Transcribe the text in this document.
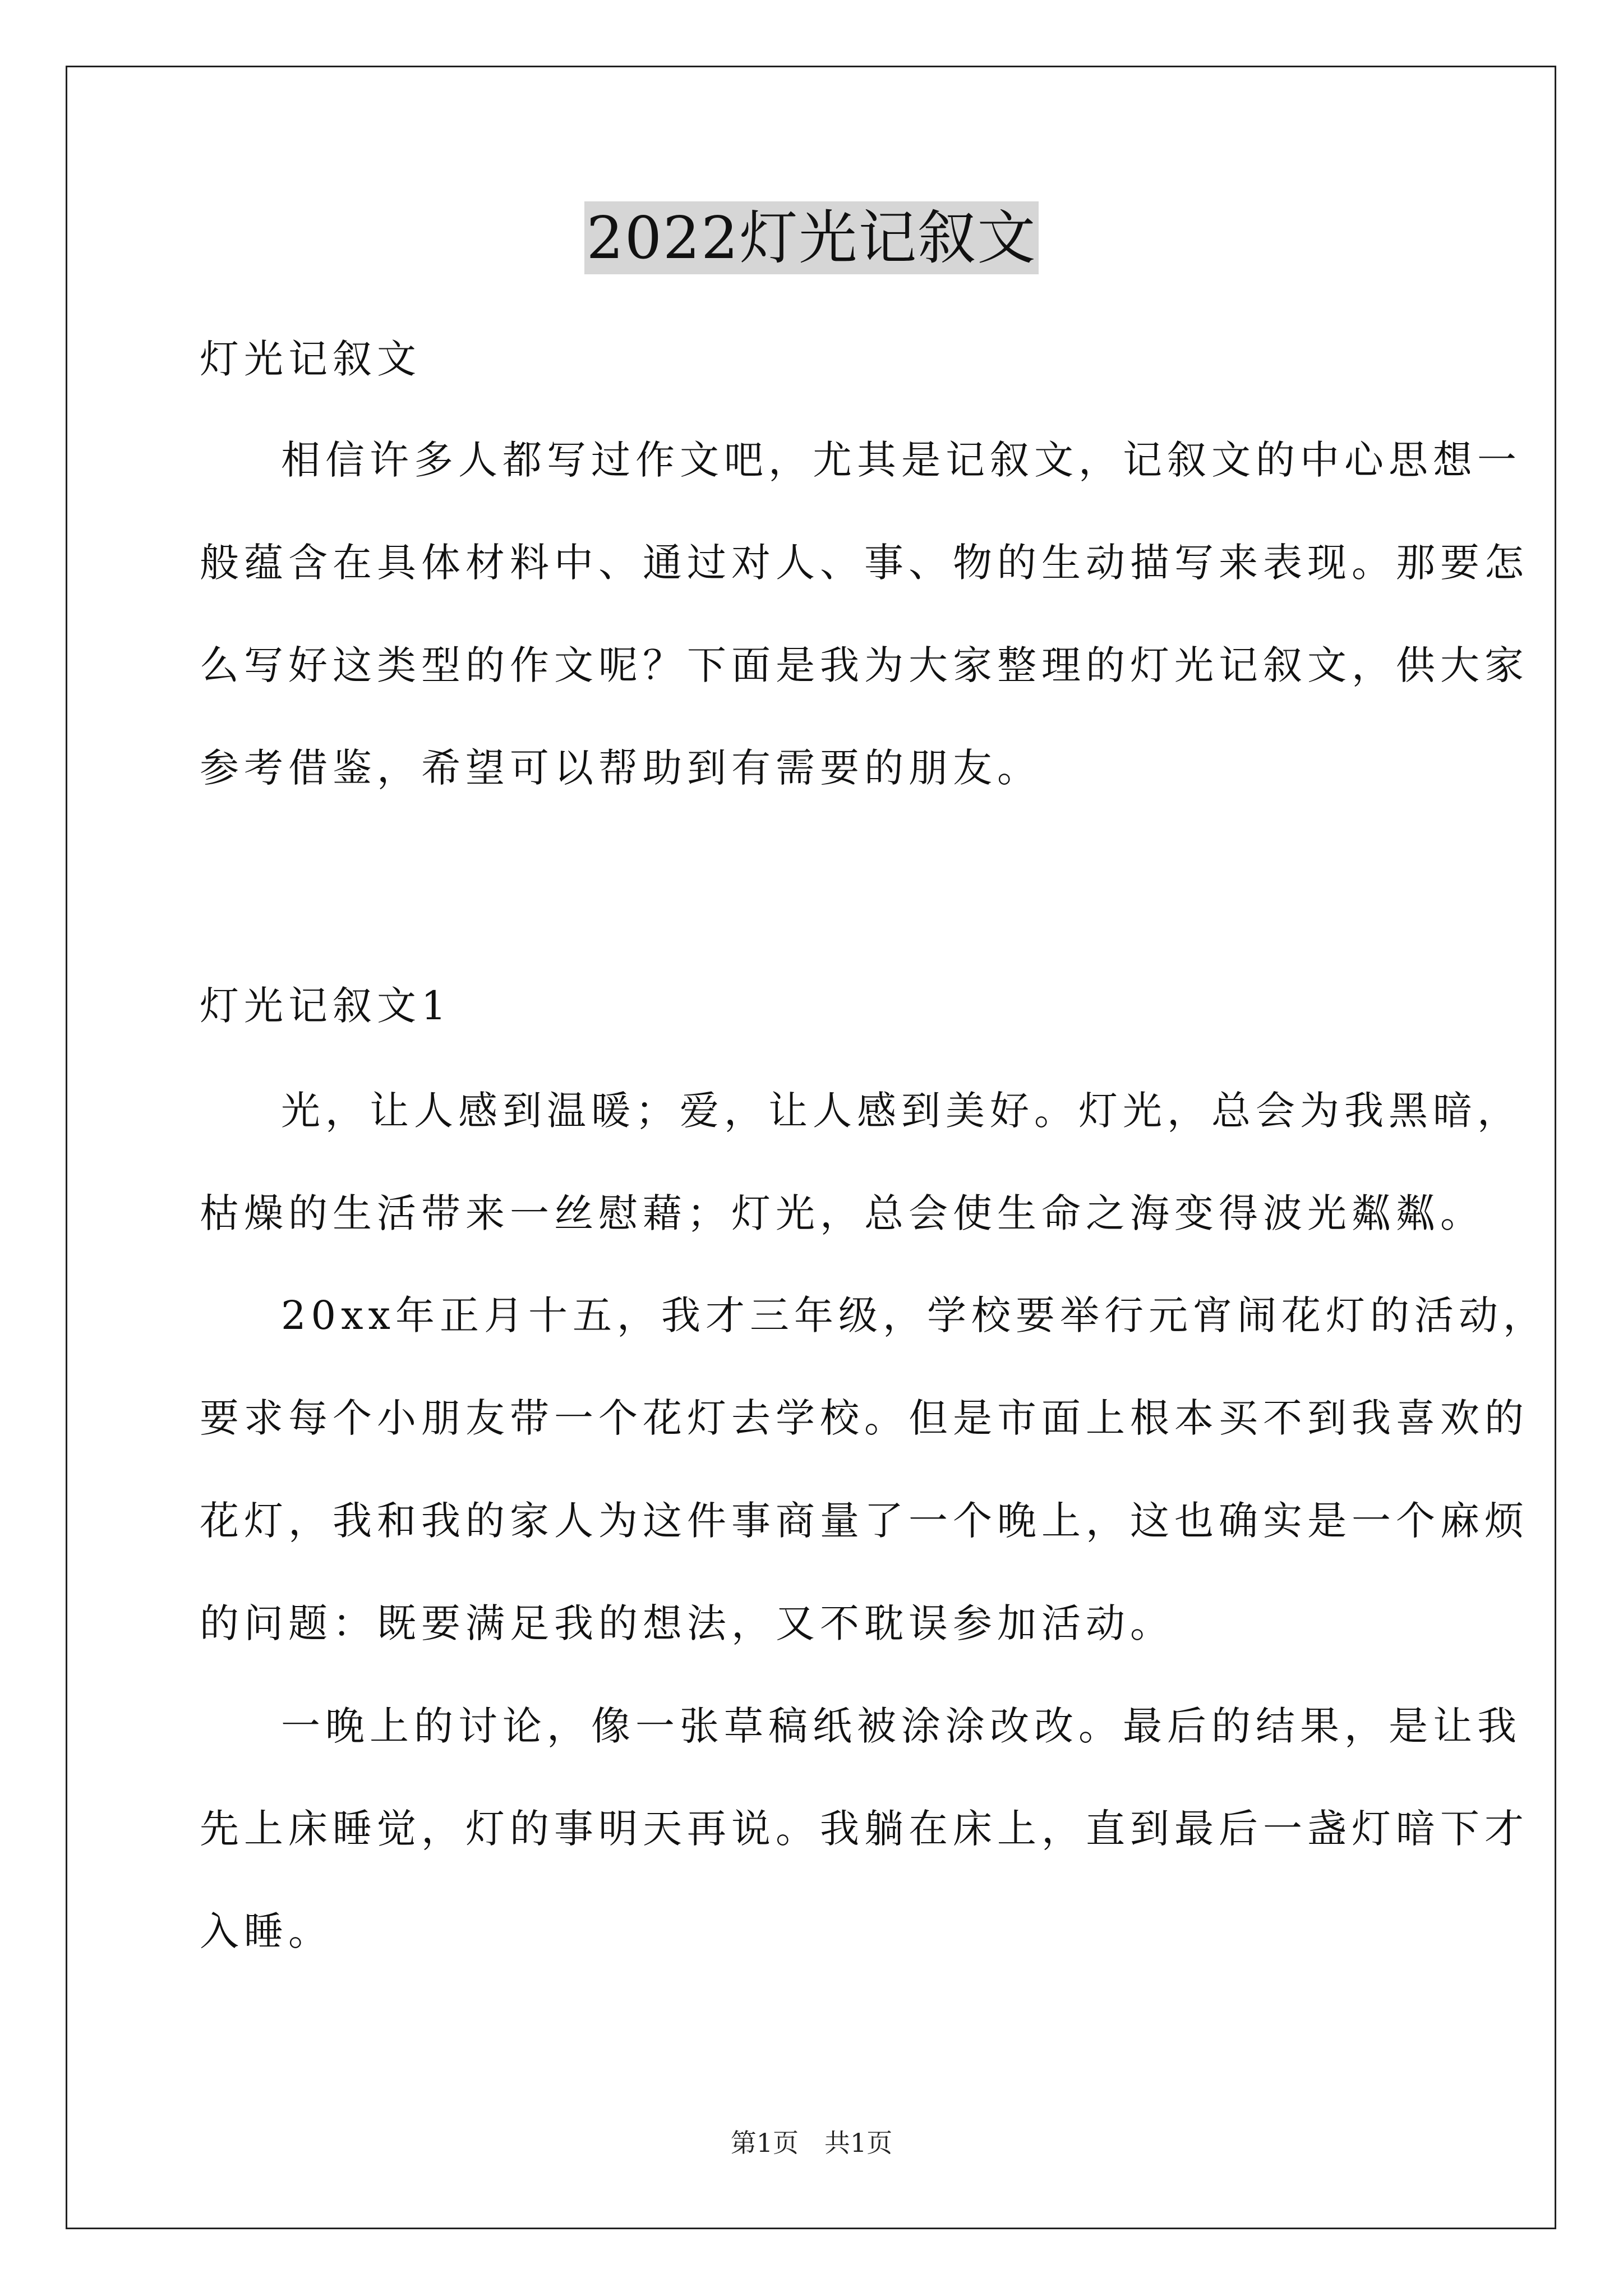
2022灯光记叙文
灯光记叙文
相信许多人都写过作文吧，尤其是记叙文，记叙文的中心思想一
般蕴含在具体材料中、通过对人、事、物的生动描写来表现。那要怎
么写好这类型的作文呢？下面是我为大家整理的灯光记叙文，供大家
参考借鉴，希望可以帮助到有需要的朋友。
灯光记叙文1
光，让人感到温暖；爱，让人感到美好。灯光，总会为我黑暗，
枯燥的生活带来一丝慰藉；灯光，总会使生命之海变得波光粼粼。
20xx年正月十五，我才三年级，学校要举行元宵闹花灯的活动，
要求每个小朋友带一个花灯去学校。但是市面上根本买不到我喜欢的
花灯，我和我的家人为这件事商量了一个晚上，这也确实是一个麻烦
的问题：既要满足我的想法，又不耽误参加活动。
一晚上的讨论，像一张草稿纸被涂涂改改。最后的结果，是让我
先上床睡觉，灯的事明天再说。我躺在床上，直到最后一盏灯暗下才
入睡。
第1页 共1页
